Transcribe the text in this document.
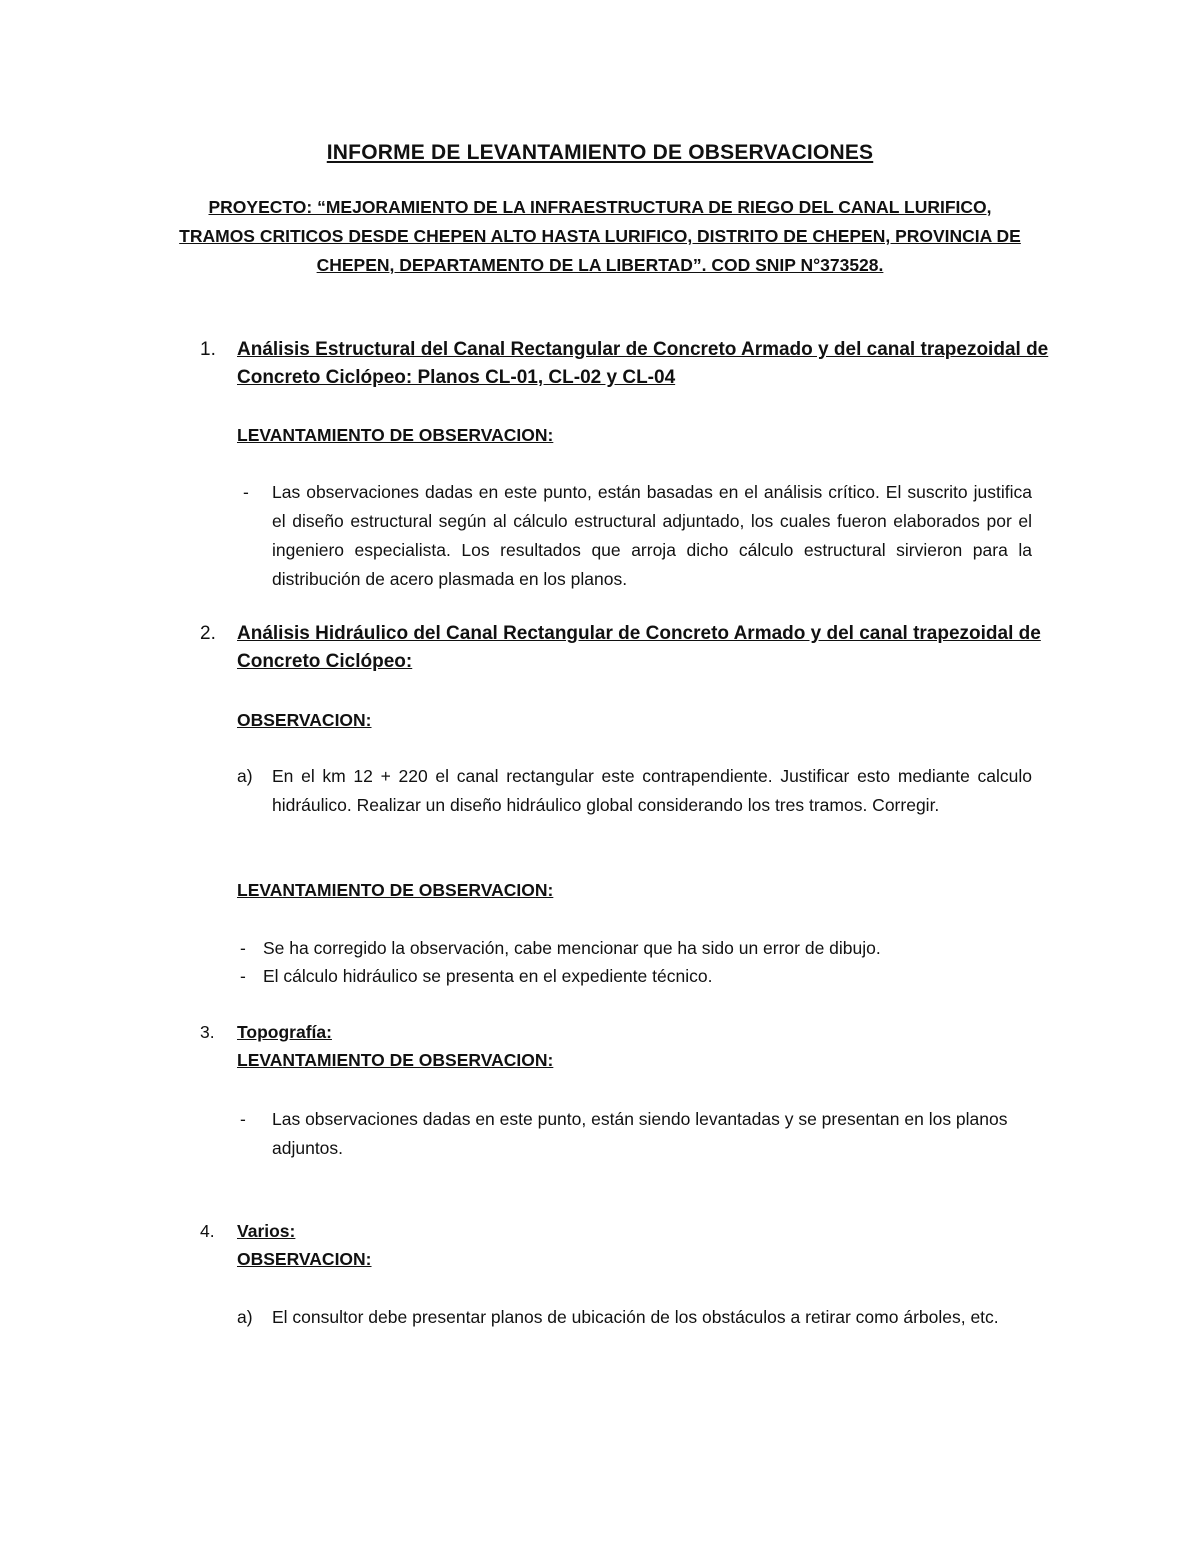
INFORME DE LEVANTAMIENTO DE OBSERVACIONES
PROYECTO: “MEJORAMIENTO DE LA INFRAESTRUCTURA DE RIEGO DEL CANAL LURIFICO,
TRAMOS CRITICOS DESDE CHEPEN ALTO HASTA LURIFICO, DISTRITO DE CHEPEN, PROVINCIA DE
CHEPEN, DEPARTAMENTO DE LA LIBERTAD”. COD SNIP N°373528.
1. Análisis Estructural del Canal Rectangular de Concreto Armado y del canal trapezoidal de
Concreto Ciclópeo: Planos CL-01, CL-02 y CL-04
LEVANTAMIENTO DE OBSERVACION:
- Las observaciones dadas en este punto, están basadas en el análisis crítico. El suscrito justifica el diseño estructural según al cálculo estructural adjuntado, los cuales fueron elaborados por el ingeniero especialista. Los resultados que arroja dicho cálculo estructural sirvieron para la distribución de acero plasmada en los planos.
2. Análisis Hidráulico del Canal Rectangular de Concreto Armado y del canal trapezoidal de
Concreto Ciclópeo:
OBSERVACION:
a) En el km 12 + 220 el canal rectangular este contrapendiente. Justificar esto mediante calculo hidráulico. Realizar un diseño hidráulico global considerando los tres tramos. Corregir.
LEVANTAMIENTO DE OBSERVACION:
- Se ha corregido la observación, cabe mencionar que ha sido un error de dibujo.
- El cálculo hidráulico se presenta en el expediente técnico.
3. Topografía:
LEVANTAMIENTO DE OBSERVACION:
- Las observaciones dadas en este punto, están siendo levantadas y se presentan en los planos adjuntos.
4. Varios:
OBSERVACION:
a) El consultor debe presentar planos de ubicación de los obstáculos a retirar como árboles, etc.
